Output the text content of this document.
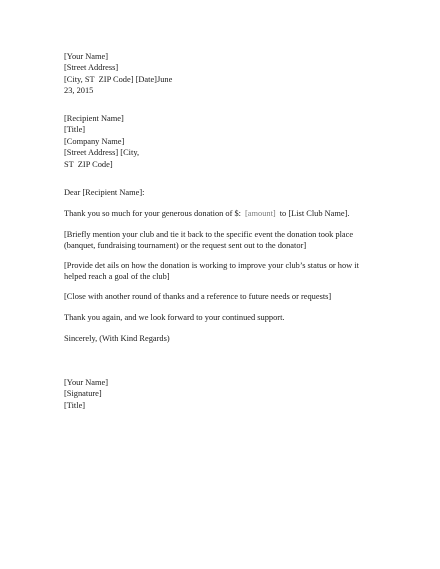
[Your Name]
[Street Address]
[City, ST  ZIP Code] [Date]June
23, 2015
[Recipient Name]
[Title]
[Company Name]
[Street Address] [City,
ST  ZIP Code]
Dear [Recipient Name]:
Thank you so much for your generous donation of $: [amount] to [List Club Name].
[Briefly mention your club and tie it back to the specific event the donation took place
(banquet, fundraising tournament) or the request sent out to the donator]
[Provide det ails on how the donation is working to improve your club’s status or how it
helped reach a goal of the club]
[Close with another round of thanks and a reference to future needs or requests]
Thank you again, and we look forward to your continued support.
Sincerely, (With Kind Regards)
[Your Name]
[Signature]
[Title]
